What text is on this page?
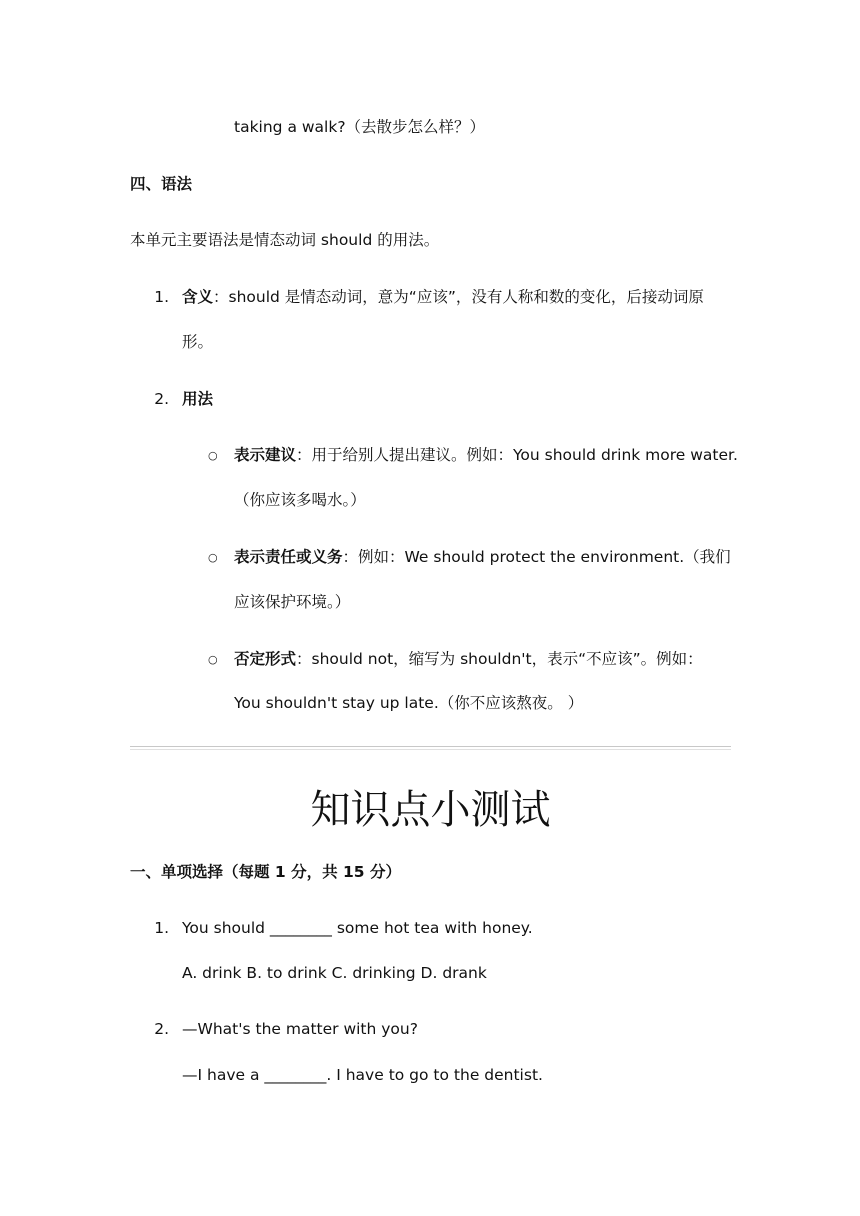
taking a walk?（去散步怎么样？）
四、语法
本单元主要语法是情态动词 should 的用法。
1. 含义：should 是情态动词，意为“应该”，没有人称和数的变化，后接动词原
形。
2. 用法
○ 表示建议：用于给别人提出建议。例如：You should drink more water.
（你应该多喝水。）
○ 表示责任或义务：例如：We should protect the environment.（我们
应该保护环境。）
○ 否定形式：should not，缩写为 shouldn't，表示“不应该”。例如：
You shouldn't stay up late.（你不应该熬夜。 ）
知识点小测试
一、单项选择（每题 1 分，共 15 分）
1. You should ________ some hot tea with honey.
A. drink B. to drink C. drinking D. drank
2. —What's the matter with you?
—I have a ________. I have to go to the dentist.
